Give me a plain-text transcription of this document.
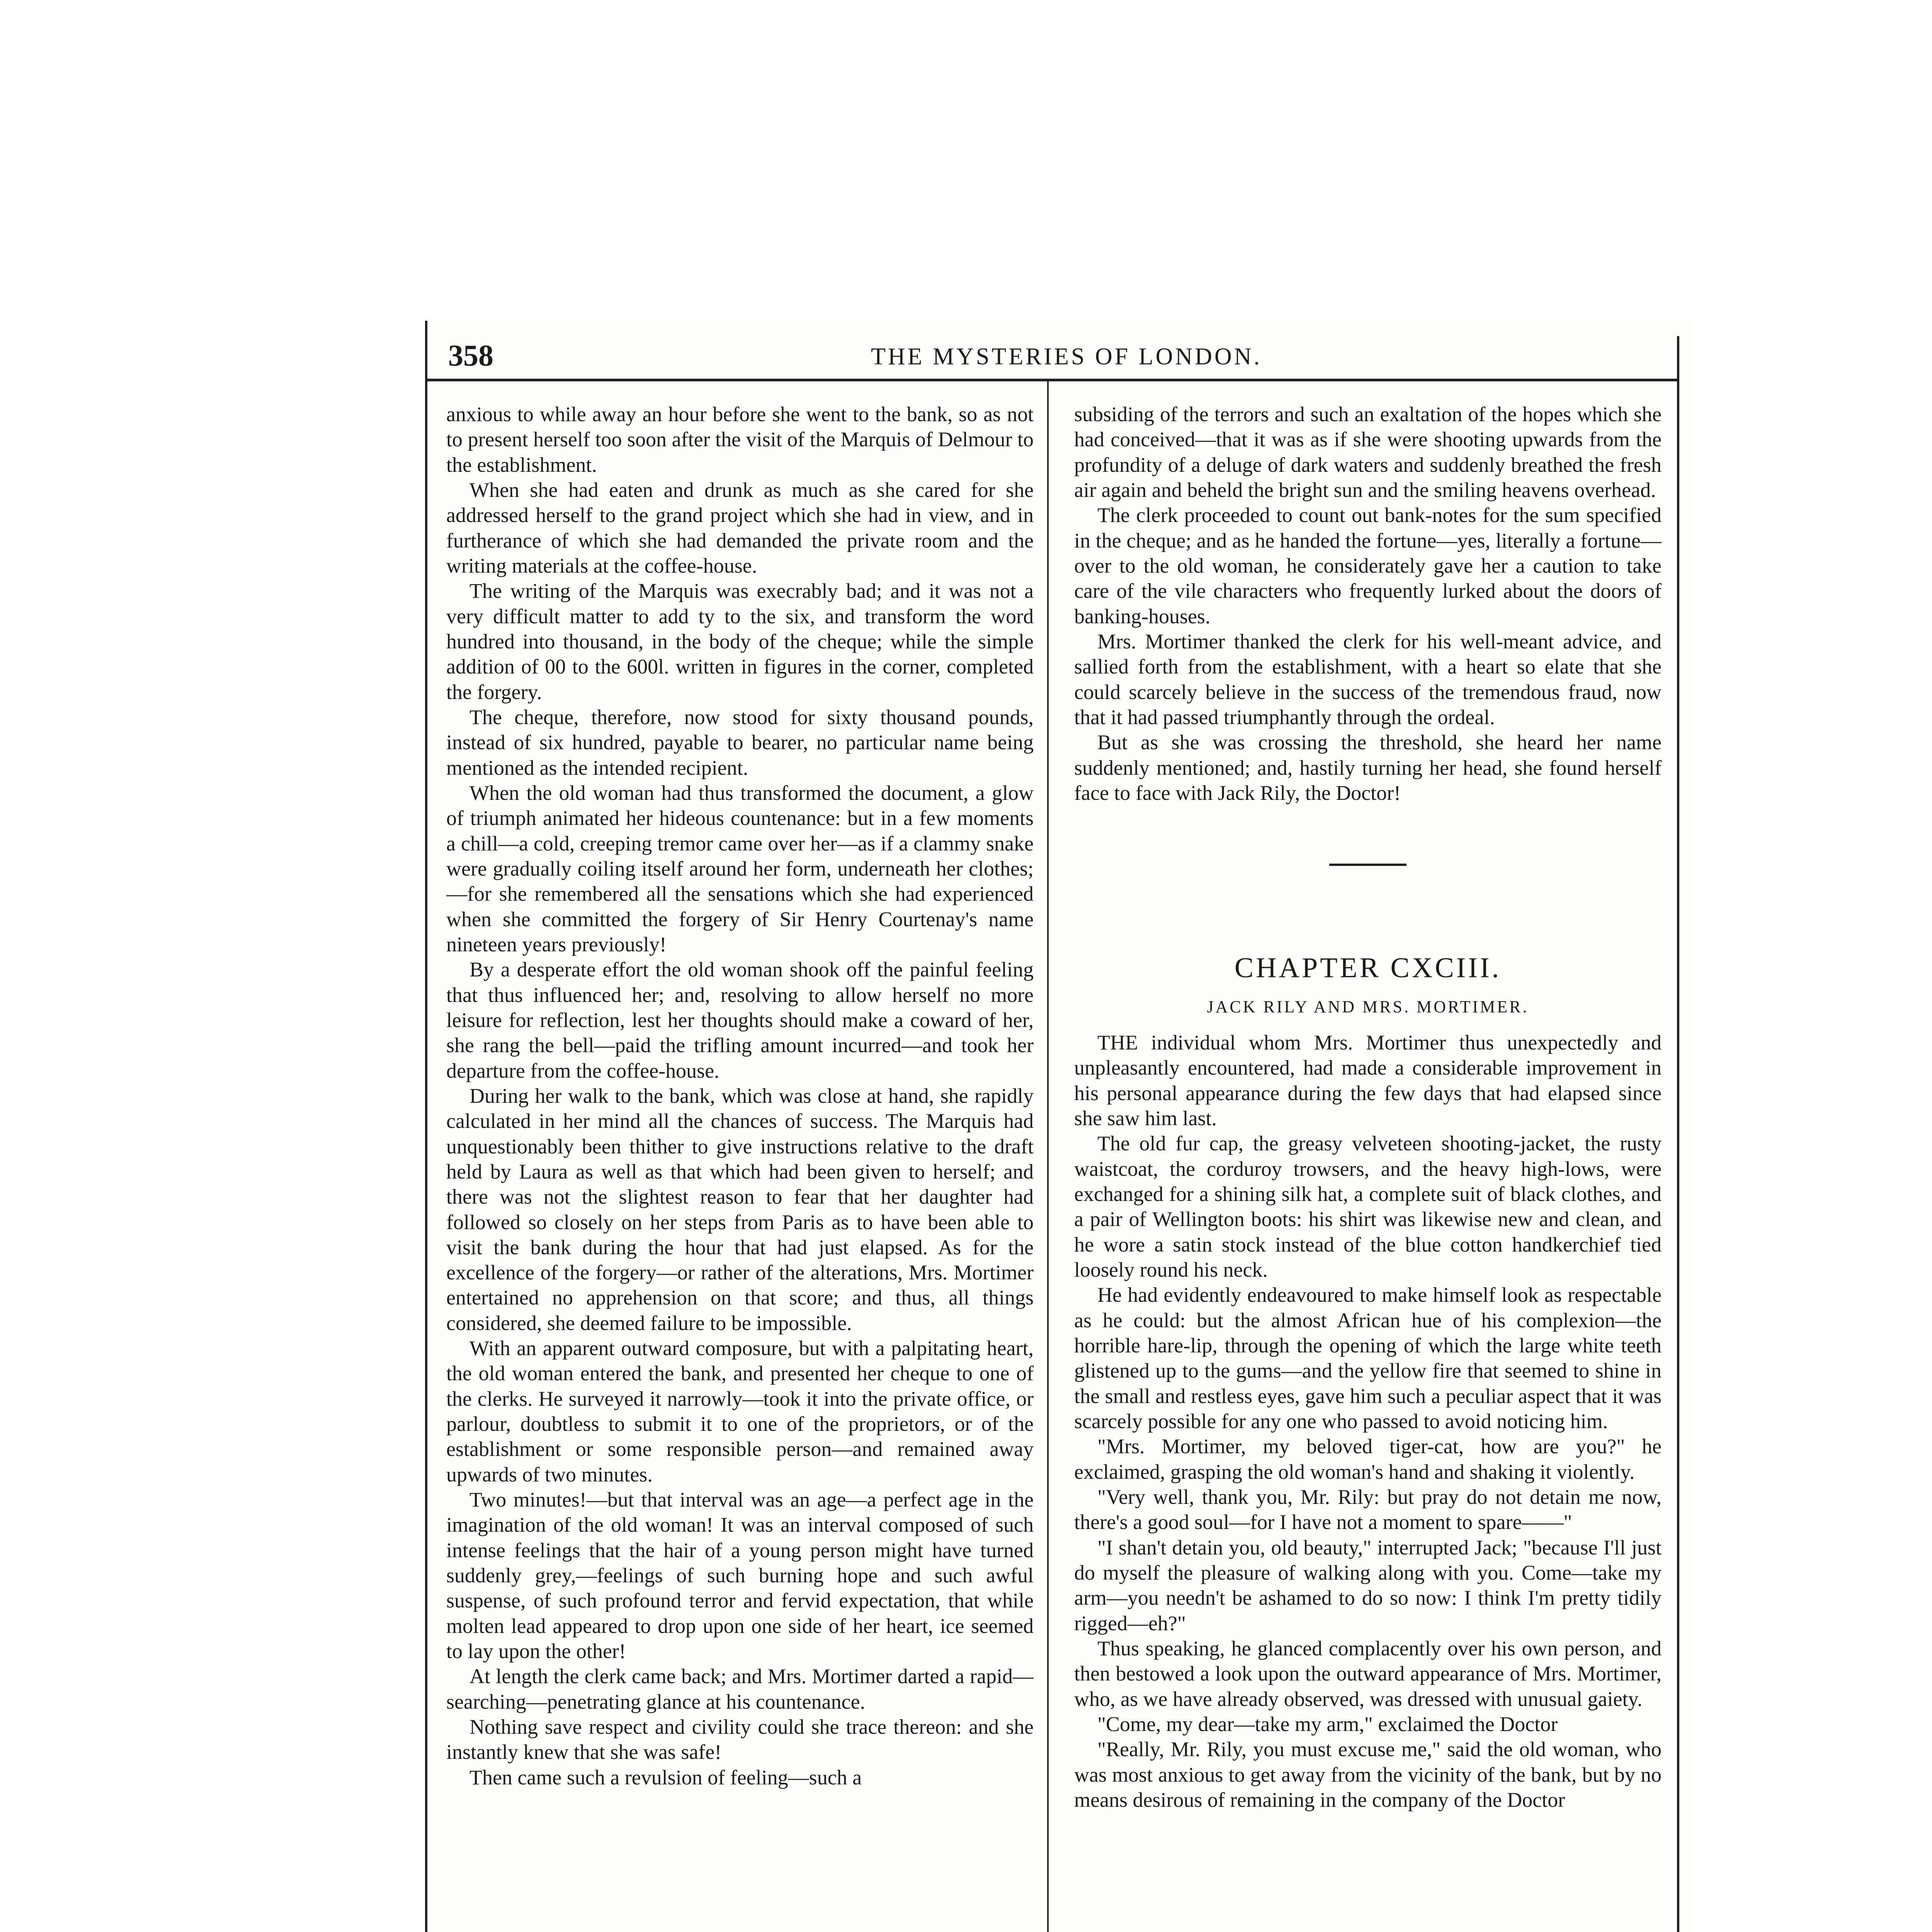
358	THE MYSTERIES OF LONDON.

anxious to while away an hour before she went to the bank, so as not to present herself too soon after the visit of the Marquis of Delmour to the establishment.

When she had eaten and drunk as much as she cared for she addressed herself to the grand project which she had in view, and in furtherance of which she had demanded the private room and the writing materials at the coffee-house.

The writing of the Marquis was execrably bad; and it was not a very difficult matter to add ty to the six, and transform the word hundred into thousand, in the body of the cheque; while the simple addition of 00 to the 600l. written in figures in the corner, completed the forgery.

The cheque, therefore, now stood for sixty thousand pounds, instead of six hundred, payable to bearer, no particular name being mentioned as the intended recipient.

When the old woman had thus transformed the document, a glow of triumph animated her hideous countenance: but in a few moments a chill—a cold, creeping tremor came over her—as if a clammy snake were gradually coiling itself around her form, underneath her clothes;—for she remembered all the sensations which she had experienced when she committed the forgery of Sir Henry Courtenay's name nineteen years previously!

By a desperate effort the old woman shook off the painful feeling that thus influenced her; and, resolving to allow herself no more leisure for reflection, lest her thoughts should make a coward of her, she rang the bell—paid the trifling amount incurred—and took her departure from the coffee-house.

During her walk to the bank, which was close at hand, she rapidly calculated in her mind all the chances of success. The Marquis had unquestionably been thither to give instructions relative to the draft held by Laura as well as that which had been given to herself; and there was not the slightest reason to fear that her daughter had followed so closely on her steps from Paris as to have been able to visit the bank during the hour that had just elapsed. As for the excellence of the forgery—or rather of the alterations, Mrs. Mortimer entertained no apprehension on that score; and thus, all things considered, she deemed failure to be impossible.

With an apparent outward composure, but with a palpitating heart, the old woman entered the bank, and presented her cheque to one of the clerks. He surveyed it narrowly—took it into the private office, or parlour, doubtless to submit it to one of the proprietors, or of the establishment or some responsible person—and remained away upwards of two minutes.

Two minutes!—but that interval was an age—a perfect age in the imagination of the old woman! It was an interval composed of such intense feelings that the hair of a young person might have turned suddenly grey,—feelings of such burning hope and such awful suspense, of such profound terror and fervid expectation, that while molten lead appeared to drop upon one side of her heart, ice seemed to lay upon the other!

At length the clerk came back; and Mrs. Mortimer darted a rapid—searching—penetrating glance at his countenance.

Nothing save respect and civility could she trace thereon: and she instantly knew that she was safe!

Then came such a revulsion of feeling—such a

subsiding of the terrors and such an exaltation of the hopes which she had conceived—that it was as if she were shooting upwards from the profundity of a deluge of dark waters and suddenly breathed the fresh air again and beheld the bright sun and the smiling heavens overhead.

The clerk proceeded to count out bank-notes for the sum specified in the cheque; and as he handed the fortune—yes, literally a fortune—over to the old woman, he considerately gave her a caution to take care of the vile characters who frequently lurked about the doors of banking-houses.

Mrs. Mortimer thanked the clerk for his well-meant advice, and sallied forth from the establishment, with a heart so elate that she could scarcely believe in the success of the tremendous fraud, now that it had passed triumphantly through the ordeal.

But as she was crossing the threshold, she heard her name suddenly mentioned; and, hastily turning her head, she found herself face to face with Jack Rily, the Doctor!

CHAPTER CXCIII.

JACK RILY AND MRS. MORTIMER.

THE individual whom Mrs. Mortimer thus unexpectedly and unpleasantly encountered, had made a considerable improvement in his personal appearance during the few days that had elapsed since she saw him last.

The old fur cap, the greasy velveteen shooting-jacket, the rusty waistcoat, the corduroy trowsers, and the heavy high-lows, were exchanged for a shining silk hat, a complete suit of black clothes, and a pair of Wellington boots: his shirt was likewise new and clean, and he wore a satin stock instead of the blue cotton handkerchief tied loosely round his neck.

He had evidently endeavoured to make himself look as respectable as he could: but the almost African hue of his complexion—the horrible hare-lip, through the opening of which the large white teeth glistened up to the gums—and the yellow fire that seemed to shine in the small and restless eyes, gave him such a peculiar aspect that it was scarcely possible for any one who passed to avoid noticing him.

"Mrs. Mortimer, my beloved tiger-cat, how are you?" he exclaimed, grasping the old woman's hand and shaking it violently.

"Very well, thank you, Mr. Rily: but pray do not detain me now, there's a good soul—for I have not a moment to spare——"

"I shan't detain you, old beauty," interrupted Jack; "because I'll just do myself the pleasure of walking along with you. Come—take my arm—you needn't be ashamed to do so now: I think I'm pretty tidily rigged—eh?"

Thus speaking, he glanced complacently over his own person, and then bestowed a look upon the outward appearance of Mrs. Mortimer, who, as we have already observed, was dressed with unusual gaiety.

"Come, my dear—take my arm," exclaimed the Doctor

"Really, Mr. Rily, you must excuse me," said the old woman, who was most anxious to get away from the vicinity of the bank, but by no means desirous of remaining in the company of the Doctor
